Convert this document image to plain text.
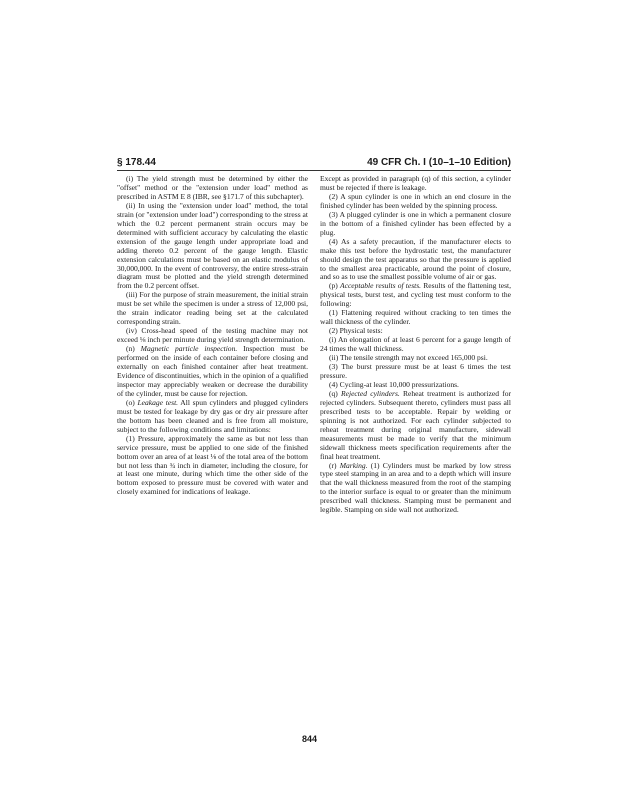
§ 178.44	49 CFR Ch. I (10–1–10 Edition)

(i) The yield strength must be determined by either the "offset" method or the "extension under load" method as prescribed in ASTM E 8 (IBR, see §171.7 of this subchapter).

(ii) In using the "extension under load" method, the total strain (or "extension under load") corresponding to the stress at which the 0.2 percent permanent strain occurs may be determined with sufficient accuracy by calculating the elastic extension of the gauge length under appropriate load and adding thereto 0.2 percent of the gauge length. Elastic extension calculations must be based on an elastic modulus of 30,000,000. In the event of controversy, the entire stress-strain diagram must be plotted and the yield strength determined from the 0.2 percent offset.

(iii) For the purpose of strain measurement, the initial strain must be set while the specimen is under a stress of 12,000 psi, the strain indicator reading being set at the calculated corresponding strain.

(iv) Cross-head speed of the testing machine may not exceed ⅛ inch per minute during yield strength determination.

(n) Magnetic particle inspection. Inspection must be performed on the inside of each container before closing and externally on each finished container after heat treatment. Evidence of discontinuities, which in the opinion of a qualified inspector may appreciably weaken or decrease the durability of the cylinder, must be cause for rejection.

(o) Leakage test. All spun cylinders and plugged cylinders must be tested for leakage by dry gas or dry air pressure after the bottom has been cleaned and is free from all moisture, subject to the following conditions and limitations:

(1) Pressure, approximately the same as but not less than service pressure, must be applied to one side of the finished bottom over an area of at least ⅛ of the total area of the bottom but not less than ¾ inch in diameter, including the closure, for at least one minute, during which time the other side of the bottom exposed to pressure must be covered with water and closely examined for indications of leakage.

Except as provided in paragraph (q) of this section, a cylinder must be rejected if there is leakage.

(2) A spun cylinder is one in which an end closure in the finished cylinder has been welded by the spinning process.

(3) A plugged cylinder is one in which a permanent closure in the bottom of a finished cylinder has been effected by a plug.

(4) As a safety precaution, if the manufacturer elects to make this test before the hydrostatic test, the manufacturer should design the test apparatus so that the pressure is applied to the smallest area practicable, around the point of closure, and so as to use the smallest possible volume of air or gas.

(p) Acceptable results of tests. Results of the flattening test, physical tests, burst test, and cycling test must conform to the following:

(1) Flattening required without cracking to ten times the wall thickness of the cylinder.

(2) Physical tests:

(i) An elongation of at least 6 percent for a gauge length of 24 times the wall thickness.

(ii) The tensile strength may not exceed 165,000 psi.

(3) The burst pressure must be at least 6 times the test pressure.

(4) Cycling-at least 10,000 pressurizations.

(q) Rejected cylinders. Reheat treatment is authorized for rejected cylinders. Subsequent thereto, cylinders must pass all prescribed tests to be acceptable. Repair by welding or spinning is not authorized. For each cylinder subjected to reheat treatment during original manufacture, sidewall measurements must be made to verify that the minimum sidewall thickness meets specification requirements after the final heat treatment.

(r) Marking. (1) Cylinders must be marked by low stress type steel stamping in an area and to a depth which will insure that the wall thickness measured from the root of the stamping to the interior surface is equal to or greater than the minimum prescribed wall thickness. Stamping must be permanent and legible. Stamping on side wall not authorized.

844
